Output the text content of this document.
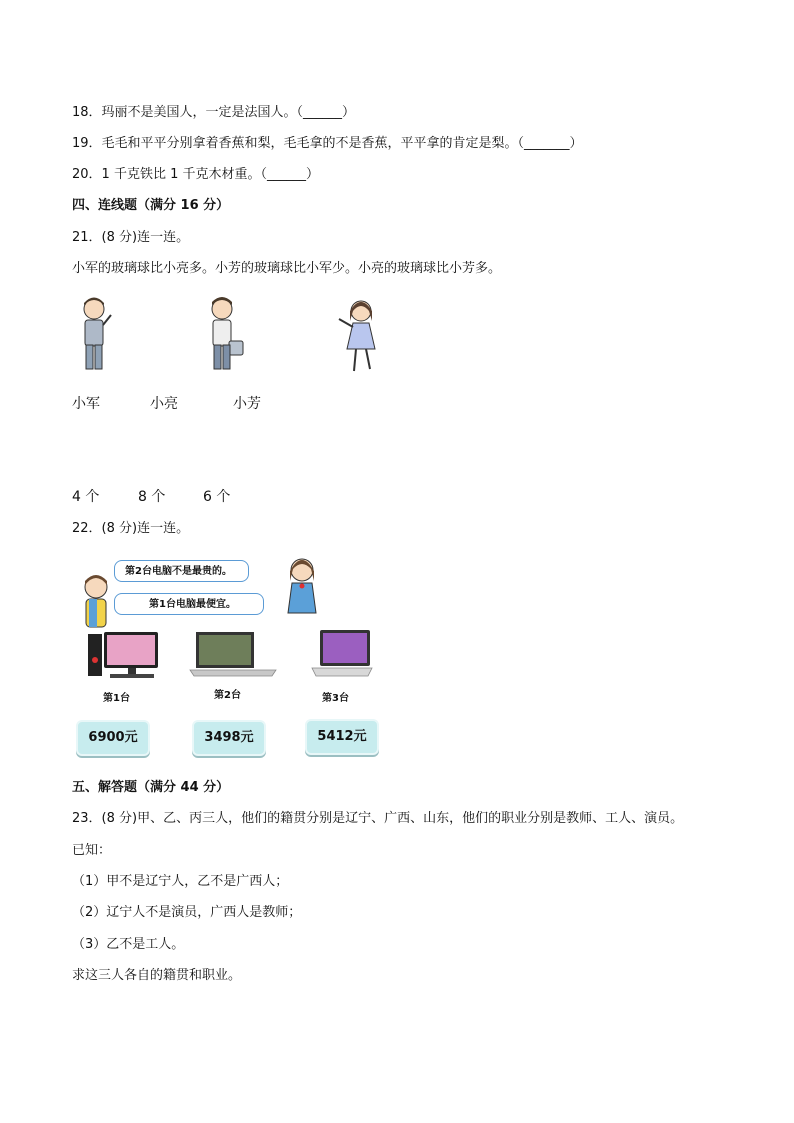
18．玛丽不是美国人，一定是法国人。（______）
19．毛毛和平平分别拿着香蕉和梨，毛毛拿的不是香蕉，平平拿的肯定是梨。（_______）
20．1 千克铁比 1 千克木材重。（______）
四、连线题（满分 16 分）
21．(8 分)连一连。
小军的玻璃球比小亮多。小芳的玻璃球比小军少。小亮的玻璃球比小芳多。
小军	小亮	小芳
4 个	8 个	6 个
22．(8 分)连一连。
第2台电脑不是最贵的。
第1台电脑最便宜。
第1台	第2台	第3台
6900元	3498元	5412元
五、解答题（满分 44 分）
23．(8 分)甲、乙、丙三人，他们的籍贯分别是辽宁、广西、山东，他们的职业分别是教师、工人、演员。
已知：
（1）甲不是辽宁人，乙不是广西人；
（2）辽宁人不是演员，广西人是教师；
（3）乙不是工人。
求这三人各自的籍贯和职业。
